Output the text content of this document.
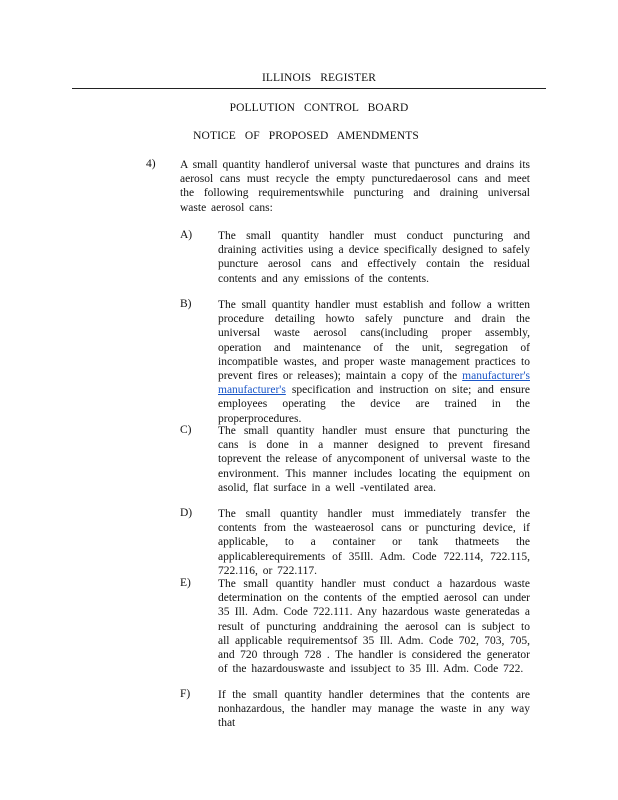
ILLINOIS REGISTER
POLLUTION CONTROL BOARD
NOTICE OF PROPOSED AMENDMENTS
4) A small quantity handlerof universal waste that punctures and drains its aerosol cans must recycle the empty puncturedaerosol cans and meet the following requirementswhile puncturing and draining universal waste aerosol cans:
A) The small quantity handler must conduct puncturing and draining activities using a device specifically designed to safely puncture aerosol cans and effectively contain the residual contents and any emissions of the contents.
B) The small quantity handler must establish and follow a written procedure detailing howto safely puncture and drain the universal waste aerosol cans(including proper assembly, operation and maintenance of the unit, segregation of incompatible wastes, and proper waste management practices to prevent fires or releases); maintain a copy of the manufacturer's manufacturer's specification and instruction on site; and ensure employees operating the device are trained in the properprocedures.
C) The small quantity handler must ensure that puncturing the cans is done in a manner designed to prevent firesand toprevent the release of anycomponent of universal waste to the environment. This manner includes locating the equipment on asolid, flat surface in a well -ventilated area.
D) The small quantity handler must immediately transfer the contents from the wasteaerosol cans or puncturing device, if applicable, to a container or tank thatmeets the applicablerequirements of 35Ill. Adm. Code 722.114, 722.115, 722.116, or 722.117.
E) The small quantity handler must conduct a hazardous waste determination on the contents of the emptied aerosol can under 35 Ill. Adm. Code 722.111. Any hazardous waste generatedas a result of puncturing anddraining the aerosol can is subject to all applicable requirementsof 35 Ill. Adm. Code 702, 703, 705, and 720 through 728 . The handler is considered the generator of the hazardouswaste and issubject to 35 Ill. Adm. Code 722.
F) If the small quantity handler determines that the contents are nonhazardous, the handler may manage the waste in any way that
